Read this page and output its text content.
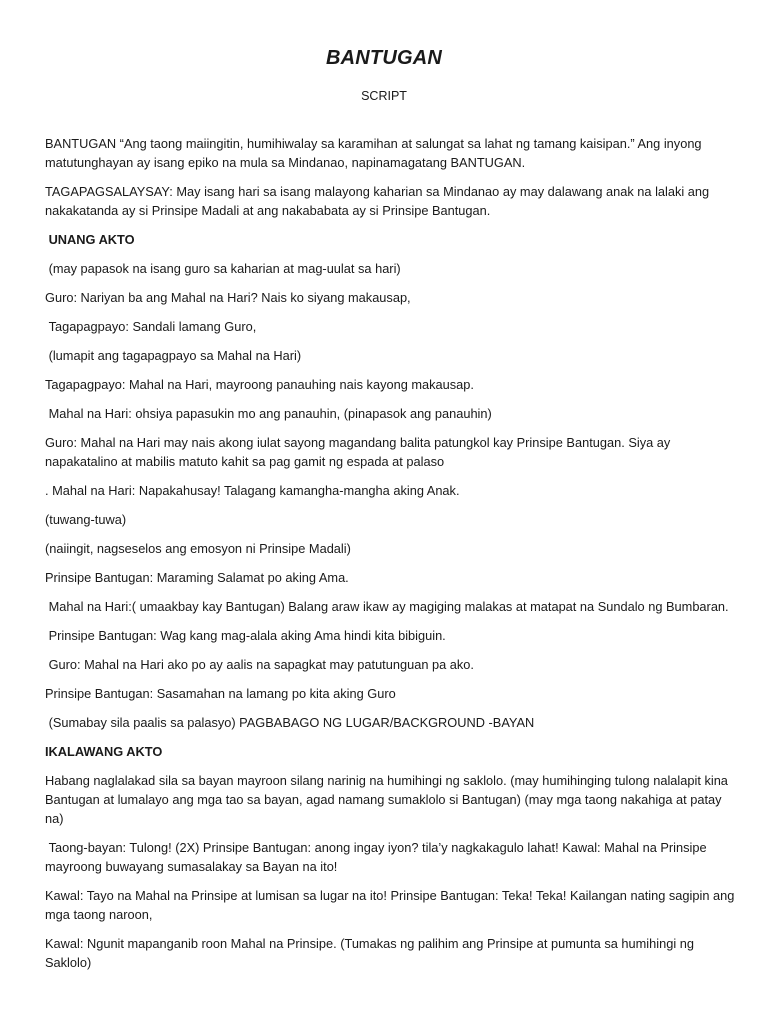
BANTUGAN
SCRIPT

BANTUGAN “Ang taong maiingitin, humihiwalay sa karamihan at salungat sa lahat ng tamang kaisipan.” Ang inyong matutunghayan ay isang epiko na mula sa Mindanao, napinamagatang BANTUGAN.

TAGAPAGSALAYSAY: May isang hari sa isang malayong kaharian sa Mindanao ay may dalawang anak na lalaki ang nakakatanda ay si Prinsipe Madali at ang nakababata ay si Prinsipe Bantugan.

UNANG AKTO

(may papasok na isang guro sa kaharian at mag-uulat sa hari)

Guro: Nariyan ba ang Mahal na Hari? Nais ko siyang makausap,

Tagapagpayo: Sandali lamang Guro,

(lumapit ang tagapagpayo sa Mahal na Hari)

Tagapagpayo: Mahal na Hari, mayroong panauhing nais kayong makausap.

Mahal na Hari: ohsiya papasukin mo ang panauhin, (pinapasok ang panauhin)

Guro: Mahal na Hari may nais akong iulat sayong magandang balita patungkol kay Prinsipe Bantugan. Siya ay napakatalino at mabilis matuto kahit sa pag gamit ng espada at palaso

. Mahal na Hari: Napakahusay! Talagang kamangha-mangha aking Anak.

(tuwang-tuwa)

(naiingit, nagseselos ang emosyon ni Prinsipe Madali)

Prinsipe Bantugan: Maraming Salamat po aking Ama.

Mahal na Hari:( umaakbay kay Bantugan) Balang araw ikaw ay magiging malakas at matapat na Sundalo ng Bumbaran.

Prinsipe Bantugan: Wag kang mag-alala aking Ama hindi kita bibiguin.

Guro: Mahal na Hari ako po ay aalis na sapagkat may patutunguan pa ako.

Prinsipe Bantugan: Sasamahan na lamang po kita aking Guro

(Sumabay sila paalis sa palasyo) PAGBABAGO NG LUGAR/BACKGROUND -BAYAN

IKALAWANG AKTO

Habang naglalakad sila sa bayan mayroon silang narinig na humihingi ng saklolo. (may humihinging tulong nalalapit kina Bantugan at lumalayo ang mga tao sa bayan, agad namang sumaklolo si Bantugan) (may mga taong nakahiga at patay na)

Taong-bayan: Tulong! (2X) Prinsipe Bantugan: anong ingay iyon? tila’y nagkakagulo lahat! Kawal: Mahal na Prinsipe mayroong buwayang sumasalakay sa Bayan na ito!

Kawal: Tayo na Mahal na Prinsipe at lumisan sa lugar na ito! Prinsipe Bantugan: Teka! Teka! Kailangan nating sagipin ang mga taong naroon,

Kawal: Ngunit mapanganib roon Mahal na Prinsipe. (Tumakas ng palihim ang Prinsipe at pumunta sa humihingi ng Saklolo)
